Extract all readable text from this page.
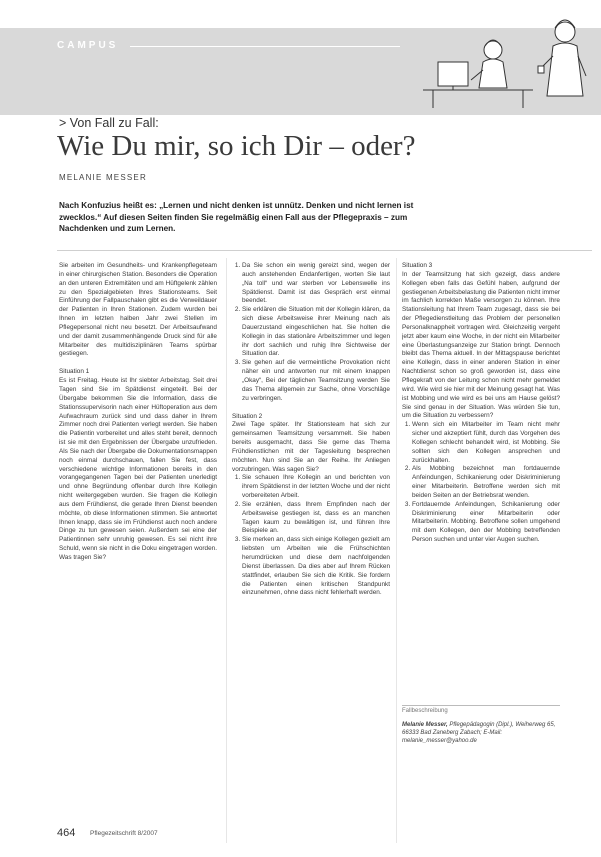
CAMPUS
> Von Fall zu Fall:
Wie Du mir, so ich Dir – oder?
MELANIE MESSER
Nach Konfuzius heißt es: „Lernen und nicht denken ist unnütz. Denken und nicht lernen ist zwecklos.“ Auf diesen Seiten finden Sie regelmäßig einen Fall aus der Pflegepraxis – zum Nachdenken und zum Lernen.

Sie arbeiten im Gesundheits- und Krankenpflegeteam in einer chirurgischen Station. Besonders die Operation an den unteren Extremitäten und am Hüftgelenk zählen zu den Spezialgebieten Ihres Stationsteams. Seit Einführung der Fallpauschalen gibt es die Verweildauer der Patienten in Ihren Stationen. Zudem wurden bei Ihnen im letzten halben Jahr zwei Stellen im Pflegepersonal nicht neu besetzt. Der Arbeitsaufwand und der damit zusammenhängende Druck sind für alle Mitarbeiter des multidisziplinären Teams spürbar gestiegen.

Situation 1

Es ist Freitag. Heute ist Ihr siebter Arbeitstag. Seit drei Tagen sind Sie im Spätdienst eingeteilt. Bei der Übergabe bekommen Sie die Information, dass die Stationssupervisorin nach einer Hüftoperation aus dem Aufwachraum zurück sind und dass daher in Ihrem Zimmer noch drei Patienten verlegt werden. Sie haben die Patientin vorbereitet und alles steht bereit, dennoch ist sie mit den Ergebnissen der Übergabe unzufrieden. Als Sie nach der Übergabe die Dokumentationsmappen noch einmal durchschauen, fallen Sie fest, dass verschiedene wichtige Informationen bereits in den vorangegangenen Tagen bei der Patienten unerledigt und ohne Begründung offenbar durch Ihre Kollegin nicht weitergegeben wurden. Sie fragen die Kollegin aus dem Frühdienst, die gerade Ihren Dienst beenden möchte, ob diese Informationen stimmen. Sie antwortet Ihnen knapp, dass sie im Frühdienst auch noch andere Dinge zu tun gewesen seien. Außerdem sei eine der Patientinnen sehr unruhig gewesen. Es sei nicht ihre Schuld, wenn sie nicht in die Doku eingetragen worden. Was tragen Sie?

1. Da Sie schon ein wenig gereizt sind, wegen der auch anstehenden Endanfertigen, worten Sie laut „Na toll“ und war sterben vor Lebenswelle ins Spätdienst. Damit ist das Gespräch erst einmal beendet.
2. Sie erklären die Situation mit der Kollegin klären, da sich diese Arbeitsweise ihrer Meinung nach als Dauerzustand eingeschlichen hat. Sie holten die Kollegin in das stationäre Arbeitszimmer und legen ihr dort sachlich und ruhig Ihre Sichtweise der Situation dar.
3. Sie gehen auf die vermeintliche Provokation nicht näher ein und antworten nur mit einem knappen „Okay“, Bei der täglichen Teamsitzung werden Sie das Thema allgemein zur Sache, ohne Vorschläge zu verbringen.

Situation 2

Zwei Tage später. Ihr Stationsteam hat sich zur gemeinsamen Teamsitzung versammelt. Sie haben bereits ausgemacht, dass Sie gerne das Thema Frühdienstlichen mit der Tagesleitung besprechen möchten. Nun sind Sie an der Reihe. Ihr Anliegen vorzubringen. Was sagen Sie?

1. Sie schauen Ihre Kollegin an und berichten von ihrem Spätdienst in der letzten Woche und der nicht vorbereiteten Arbeit.
2. Sie erzählen, dass Ihrem Empfinden nach der Arbeitsweise gestiegen ist, dass es an manchen Tagen kaum zu bewältigen ist, und führen Ihre Beispiele an.
3. Sie merken an, dass sich einige Kollegen gezielt am liebsten um Arbeiten wie die Frühschichten herumdrücken und diese dem nachfolgenden Dienst überlassen. Da dies aber auf Ihrem Rücken stattfindet, erlauben Sie sich die Kritik. Sie fordern die Patienten einen kritischen Standpunkt einzunehmen, ohne dass nicht fehlerhaft werden.

Situation 3

In der Teamsitzung hat sich gezeigt, dass andere Kollegen eben falls das Gefühl haben, aufgrund der gestiegenen Arbeitsbelastung die Patienten nicht immer im fachlich korrekten Maße versorgen zu können. Ihre Stationsleitung hat Ihrem Team zugesagt, dass sie bei der Pflegedienstleitung das Problem der personellen Personalknappheit vortragen wird. Gleichzeitig vergeht jetzt aber kaum eine Woche, in der nicht ein Mitarbeiter eine Überlastungsanzeige zur Station bringt. Dennoch bleibt das Thema aktuell. In der Mittagspause berichtet eine Kollegin, dass in einer anderen Station in einer Nachtdienst schon so groß geworden ist, dass eine Pflegekraft von der Leitung schon nicht mehr gemeldet wird. Wie wird sie hier mit der Meinung gesagt hat. Was ist Mobbing und wie wird es bei uns am Hause gelöst? Sie sind genau in der Situation. Was würden Sie tun, um die Situation zu verbessern?

1. Wenn sich ein Mitarbeiter im Team nicht mehr sicher und akzeptiert fühlt, durch das Vorgehen des Kollegen schlecht behandelt wird, ist Mobbing. Sie sollten sich den Kollegen ansprechen und zurückhalten.
2. Als Mobbing bezeichnet man fortdauernde Anfeindungen, Schikanierung oder Diskriminierung einer Mitarbeiterin. Betroffene werden sich mit beiden Seiten an der Betriebsrat wenden.
3. Fortdauernde Anfeindungen, Schikanierung oder Diskriminierung einer Mitarbeiterin oder Mitarbeiterin. Mobbing. Betroffene sollen umgehend mit dem Kollegen, den der Mobbing betreffenden Person suchen und unter vier Augen suchen.
Fallbeschreibung
Melanie Messer, Pflegepädagogin (Dipl.), Weiherweg 65, 66333 Bad Zaneberg Zabach; E-Mail: melanie_messer@yahoo.de
464 Pflegezeitschrift 8/2007
